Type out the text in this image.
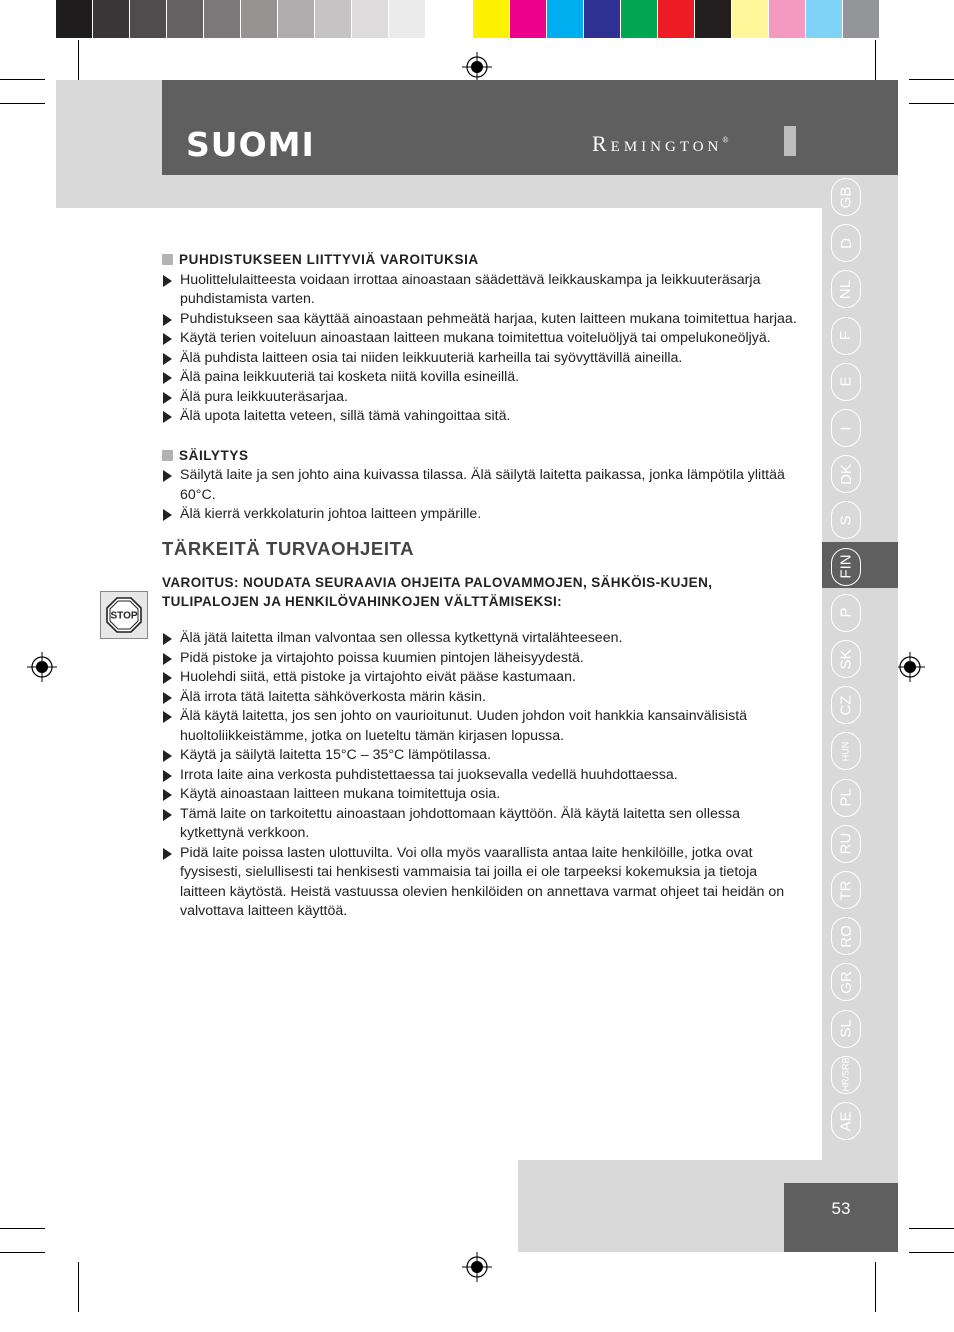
SUOMI	Remington®
GB
D
NL
F
E
I
DK
S
FIN
P
SK
CZ
HUN
PL
RU
TR
RO
GR
SL
HR/SRB
AE
PUHDISTUKSEEN LIITTYVIÄ VAROITUKSIA
Huolittelulaitteesta voidaan irrottaa ainoastaan säädettävä leikkauskampa ja leikkuuteräsarja puhdistamista varten.
Puhdistukseen saa käyttää ainoastaan pehmeätä harjaa, kuten laitteen mukana toimitettua harjaa.
Käytä terien voiteluun ainoastaan laitteen mukana toimitettua voiteluöljyä tai ompelukoneöljyä.
Älä puhdista laitteen osia tai niiden leikkuuteriä karheilla tai syövyttävillä aineilla.
Älä paina leikkuuteriä tai kosketa niitä kovilla esineillä.
Älä pura leikkuuteräsarjaa.
Älä upota laitetta veteen, sillä tämä vahingoittaa sitä.
SÄILYTYS
Säilytä laite ja sen johto aina kuivassa tilassa. Älä säilytä laitetta paikassa, jonka lämpötila ylittää 60°C.
Älä kierrä verkkolaturin johtoa laitteen ympärille.
TÄRKEITÄ TURVAOHJEITA
VAROITUS: NOUDATA SEURAAVIA OHJEITA PALOVAMMOJEN, SÄHKÖIS-KUJEN, TULIPALOJEN JA HENKILÖVAHINKOJEN VÄLTTÄMISEKSI:
Älä jätä laitetta ilman valvontaa sen ollessa kytkettynä virtalähteeseen.
Pidä pistoke ja virtajohto poissa kuumien pintojen läheisyydestä.
Huolehdi siitä, että pistoke ja virtajohto eivät pääse kastumaan.
Älä irrota tätä laitetta sähköverkosta märin käsin.
Älä käytä laitetta, jos sen johto on vaurioitunut. Uuden johdon voit hankkia kansainvälisistä huoltoliikkeistämme, jotka on lueteltu tämän kirjasen lopussa.
Käytä ja säilytä laitetta 15°C – 35°C lämpötilassa.
Irrota laite aina verkosta puhdistettaessa tai juoksevalla vedellä huuhdottaessa.
Käytä ainoastaan laitteen mukana toimitettuja osia.
Tämä laite on tarkoitettu ainoastaan johdottomaan käyttöön. Älä käytä laitetta sen ollessa kytkettynä verkkoon.
Pidä laite poissa lasten ulottuvilta. Voi olla myös vaarallista antaa laite henkilöille, jotka ovat fyysisesti, sielullisesti tai henkisesti vammaisia tai joilla ei ole tarpeeksi kokemuksia ja tietoja laitteen käytöstä. Heistä vastuussa olevien henkilöiden on annettava varmat ohjeet tai heidän on valvottava laitteen käyttöä.
STOP
53
